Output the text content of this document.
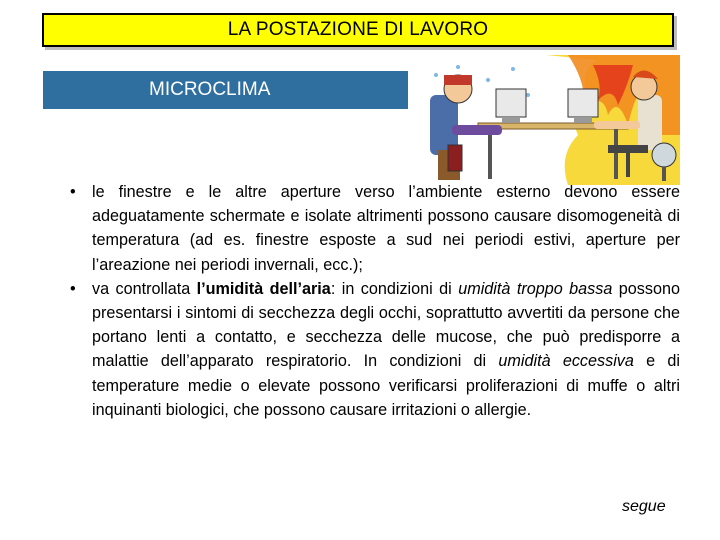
LA POSTAZIONE DI LAVORO
MICROCLIMA
• le finestre e le altre aperture verso l’ambiente esterno devono essere adeguatamente schermate e isolate altrimenti possono causare disomogeneità di temperatura (ad es. finestre esposte a sud nei periodi estivi, aperture per l’areazione nei periodi invernali, ecc.);
• va controllata l’umidità dell’aria: in condizioni di umidità troppo bassa possono presentarsi i sintomi di secchezza degli occhi, soprattutto avvertiti da persone che portano lenti a contatto, e secchezza delle mucose, che può predisporre a malattie dell’apparato respiratorio. In condizioni di umidità eccessiva e di temperature medie o elevate possono verificarsi proliferazioni di muffe o altri inquinanti biologici, che possono causare irritazioni o allergie.
segue
